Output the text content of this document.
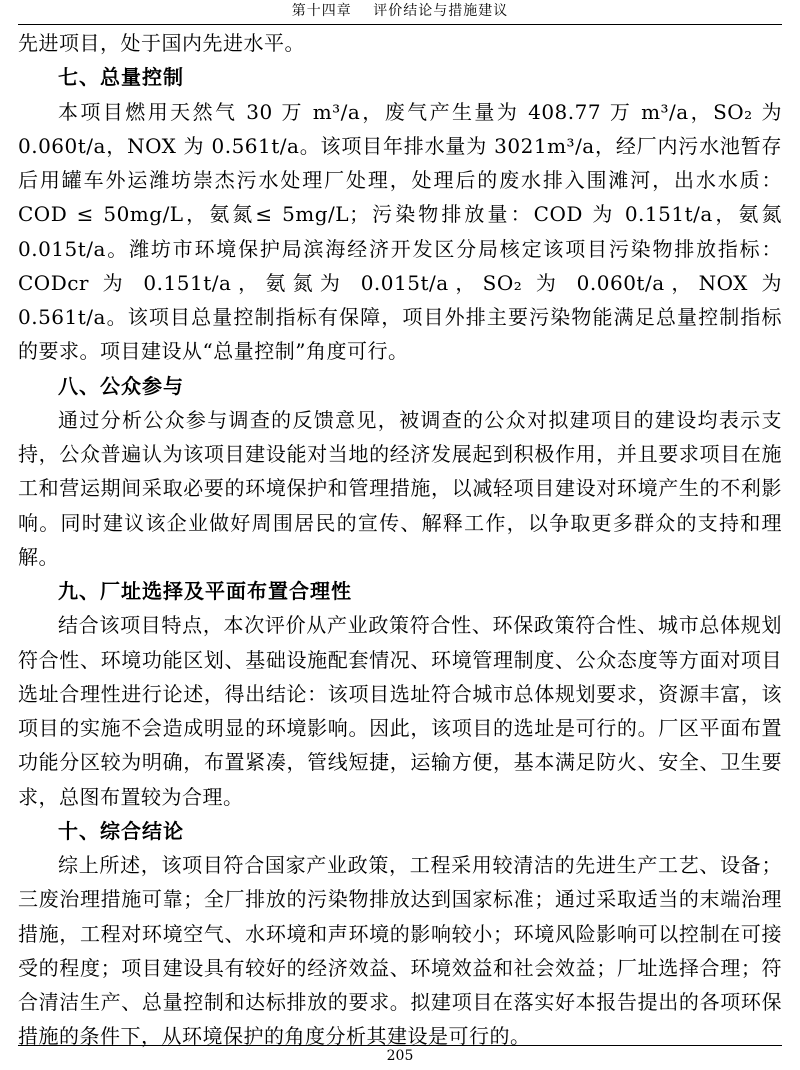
第十四章 评价结论与措施建议

先进项目，处于国内先进水平。

七、总量控制

本项目燃用天然气 30 万 m³/a，废气产生量为 408.77 万 m³/a，SO₂ 为 0.060t/a，NOX 为 0.561t/a。该项目年排水量为 3021m³/a，经厂内污水池暂存后用罐车外运潍坊崇杰污水处理厂处理，处理后的废水排入围滩河，出水水质：COD ≤ 50mg/L，氨氮≤ 5mg/L；污染物排放量：COD 为 0.151t/a，氨氮 0.015t/a。潍坊市环境保护局滨海经济开发区分局核定该项目污染物排放指标：CODcr 为 0.151t/a，氨氮为 0.015t/a，SO₂ 为 0.060t/a，NOX 为 0.561t/a。该项目总量控制指标有保障，项目外排主要污染物能满足总量控制指标的要求。项目建设从“总量控制”角度可行。

八、公众参与

通过分析公众参与调查的反馈意见，被调查的公众对拟建项目的建设均表示支持，公众普遍认为该项目建设能对当地的经济发展起到积极作用，并且要求项目在施工和营运期间采取必要的环境保护和管理措施，以减轻项目建设对环境产生的不利影响。同时建议该企业做好周围居民的宣传、解释工作，以争取更多群众的支持和理解。

九、厂址选择及平面布置合理性

结合该项目特点，本次评价从产业政策符合性、环保政策符合性、城市总体规划符合性、环境功能区划、基础设施配套情况、环境管理制度、公众态度等方面对项目选址合理性进行论述，得出结论：该项目选址符合城市总体规划要求，资源丰富，该项目的实施不会造成明显的环境影响。因此，该项目的选址是可行的。厂区平面布置功能分区较为明确，布置紧凑，管线短捷，运输方便，基本满足防火、安全、卫生要求，总图布置较为合理。

十、综合结论

综上所述，该项目符合国家产业政策，工程采用较清洁的先进生产工艺、设备；三废治理措施可靠；全厂排放的污染物排放达到国家标准；通过采取适当的末端治理措施，工程对环境空气、水环境和声环境的影响较小；环境风险影响可以控制在可接受的程度；项目建设具有较好的经济效益、环境效益和社会效益；厂址选择合理；符合清洁生产、总量控制和达标排放的要求。拟建项目在落实好本报告提出的各项环保措施的条件下，从环境保护的角度分析其建设是可行的。

205
